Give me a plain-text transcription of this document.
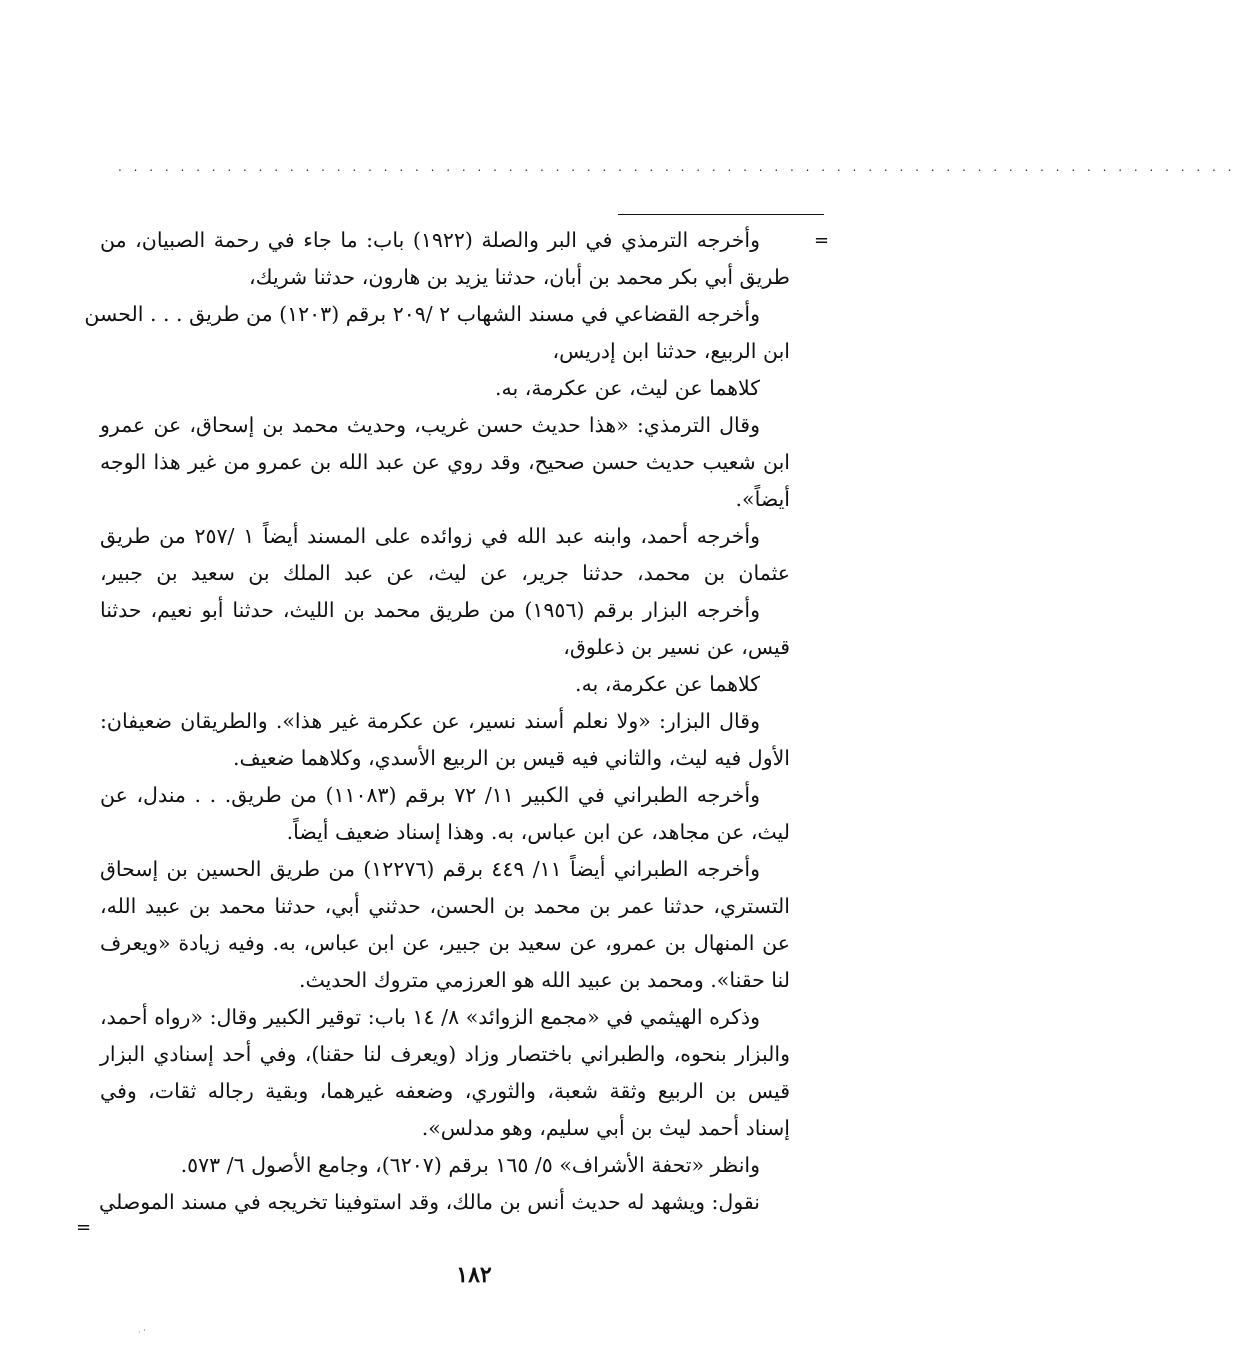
. . . . . . . . . . . . . . . . . . . . . . . . . . . . . . . . . . . . . . . . . . . . . . . . . . . . . . . . . . . . . . . . . . . . . . . .
=
وأخرجه الترمذي في البر والصلة (١٩٢٢) باب: ما جاء في رحمة الصبيان، من
طريق أبي بكر محمد بن أبان، حدثنا يزيد بن هارون، حدثنا شريك،
وأخرجه القضاعي في مسند الشهاب ٢ /٢٠٩ برقم (١٢٠٣) من طريق . . . الحسن
ابن الربيع، حدثنا ابن إدريس،
كلاهما عن ليث، عن عكرمة، به.
وقال الترمذي: «هذا حديث حسن غريب، وحديث محمد بن إسحاق، عن عمرو
ابن شعيب حديث حسن صحيح، وقد روي عن عبد الله بن عمرو من غير هذا الوجه
أيضاً».
وأخرجه أحمد، وابنه عبد الله في زوائده على المسند أيضاً ١ /٢٥٧ من طريق
عثمان بن محمد، حدثنا جرير، عن ليث، عن عبد الملك بن سعيد بن جبير،
وأخرجه البزار برقم (١٩٥٦) من طريق محمد بن الليث، حدثنا أبو نعيم، حدثنا
قيس، عن نسير بن ذعلوق،
كلاهما عن عكرمة، به.
وقال البزار: «ولا نعلم أسند نسير، عن عكرمة غير هذا». والطريقان ضعيفان:
الأول فيه ليث، والثاني فيه قيس بن الربيع الأسدي، وكلاهما ضعيف.
وأخرجه الطبراني في الكبير ١١/ ٧٢ برقم (١١٠٨٣) من طريق. . . مندل، عن
ليث، عن مجاهد، عن ابن عباس، به. وهذا إسناد ضعيف أيضاً.
وأخرجه الطبراني أيضاً ١١/ ٤٤٩ برقم (١٢٢٧٦) من طريق الحسين بن إسحاق
التستري، حدثنا عمر بن محمد بن الحسن، حدثني أبي، حدثنا محمد بن عبيد الله،
عن المنهال بن عمرو، عن سعيد بن جبير، عن ابن عباس، به. وفيه زيادة «ويعرف
لنا حقنا». ومحمد بن عبيد الله هو العرزمي متروك الحديث.
وذكره الهيثمي في «مجمع الزوائد» ٨/ ١٤ باب: توقير الكبير وقال: «رواه أحمد،
والبزار بنحوه، والطبراني باختصار وزاد (ويعرف لنا حقنا)، وفي أحد إسنادي البزار
قيس بن الربيع وثقة شعبة، والثوري، وضعفه غيرهما، وبقية رجاله ثقات، وفي
إسناد أحمد ليث بن أبي سليم، وهو مدلس».
وانظر «تحفة الأشراف» ٥/ ١٦٥ برقم (٦٢٠٧)، وجامع الأصول ٦/ ٥٧٣.
نقول: ويشهد له حديث أنس بن مالك، وقد استوفينا تخريجه في مسند الموصلي
=
١٨٢
· ‘
